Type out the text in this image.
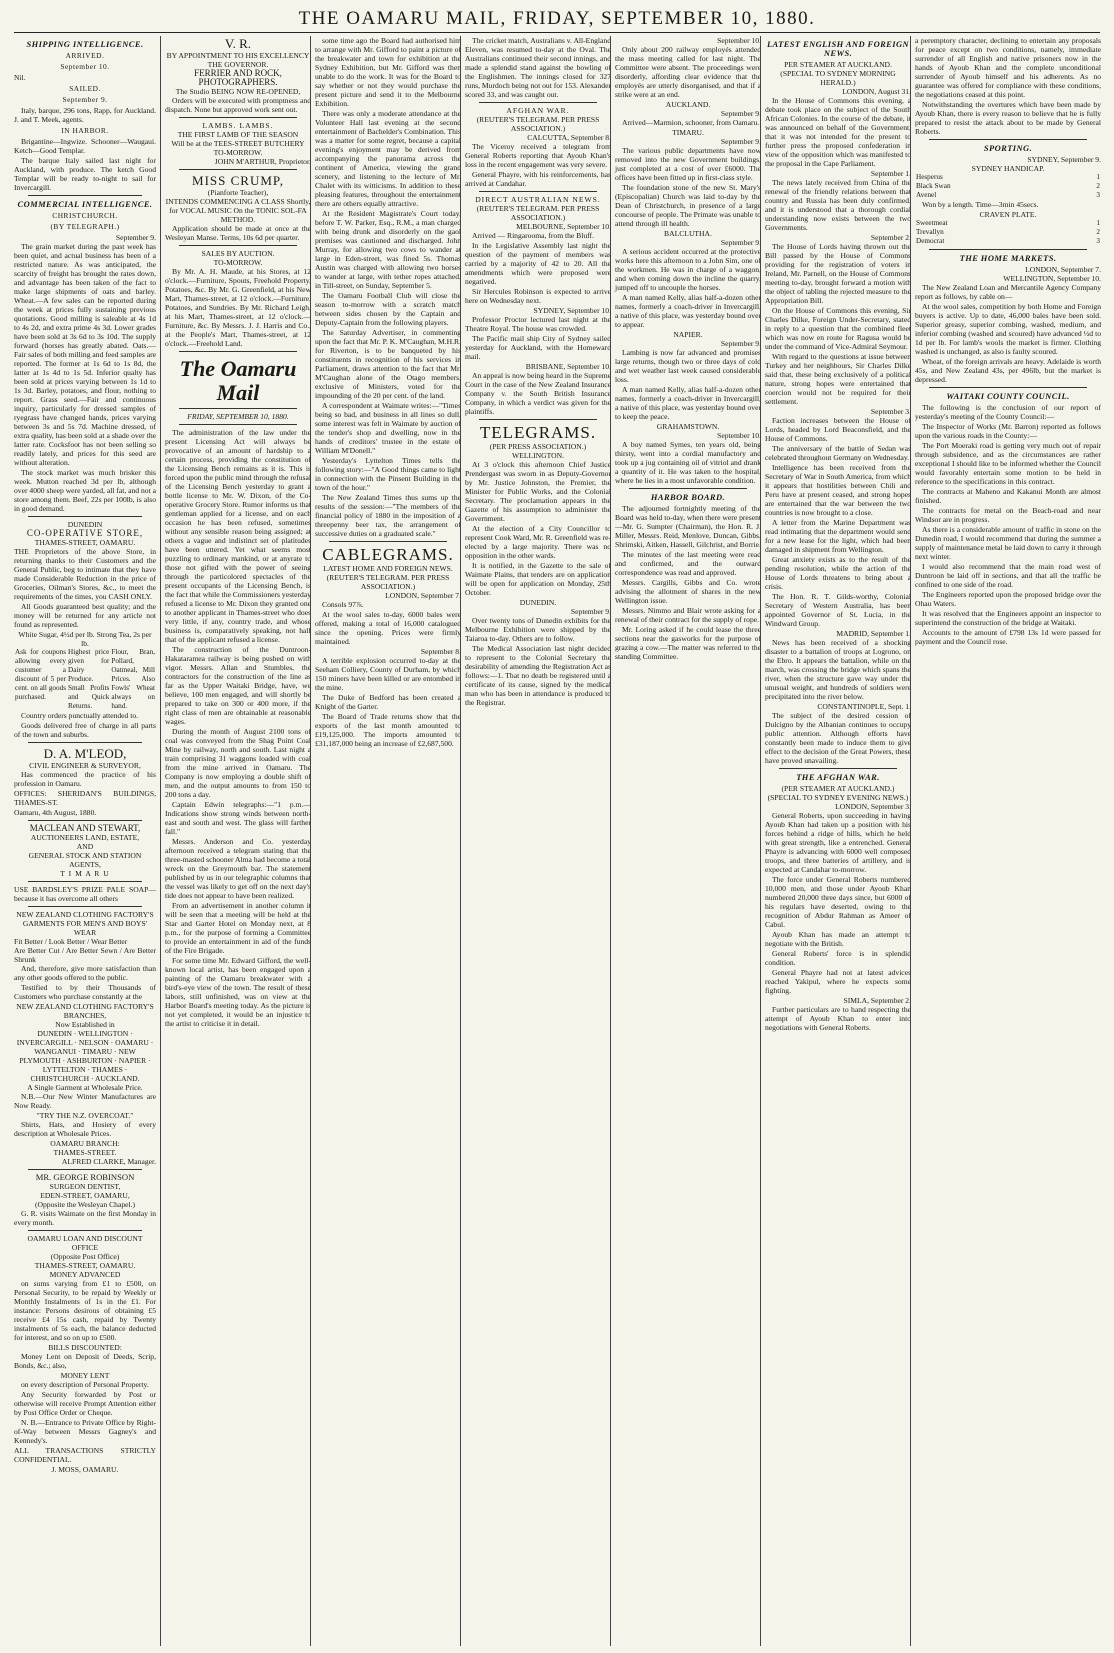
THE OAMARU MAIL, FRIDAY, SEPTEMBER 10, 1880.
SHIPPING INTELLIGENCE.
ARRIVED.
September 10.

Nil.

SAILED.
September 9.

Italy, barque, 296 tons, Rapp, for Auckland. J. and T. Meek, agents.

IN HARBOR.

Brigantine—Ingwize. Schooner—Waugaui. Ketch—Good Templar.

The barque Italy sailed last night for Auckland, with produce. The ketch Good Templar will be ready to-night to sail for Invercargill.

COMMERCIAL INTELLIGENCE.
CHRISTCHURCH.
(BY TELEGRAPH.)
September 9.

The grain market during the past week has been quiet, and actual business has been of a restricted nature. As was anticipated, the scarcity of freight has brought the rates down, and advantage has been taken of the fact to make large shipments of oats and barley. Wheat.—A few sales can be reported during the week at prices fully sustaining previous quotations. Good milling is saleable at 4s 1d to 4s 2d, and extra prime 4s 3d. Lower grades have been sold at 3s 6d to 3s 10d. The supply forward (horses has greatly abated. Oats.—Fair sales of both milling and feed samples are reported. The former at 1s 6d to 1s 8d, the latter at 1s 4d to 1s 5d. Inferior qualty has been sold at prices varying between 1s 1d to 1s 3d. Barley, potatoes, and flour, nothing to report. Grass seed.—Fair and continuous inquiry, particularly for dressed samples of ryegrass have changed hands, prices varying between 3s and 5s 7d. Machine dressed, of extra quality, has been sold at a shade over the latter rate. Cocksfoot has not been selling so readily lately, and prices for this seed are without alteration.

The stock market was much brisker this week. Mutton reached 3d per lb, although over 4000 sheep were yarded, all fat, and not a store among them. Beef, 22s per 100lb, is also in good demand.

DUNEDIN
CO-OPERATIVE STORE,
THAMES-STREET, OAMARU.

THE Proprietors of the above Store, in returning thanks to their Customers and the General Public, beg to intimate that they have made Considerable Reduction in the price of Groceries, Oilman's Stores, &c., to meet the requirements of the times, you CASH ONLY.

All Goods guaranteed best quality; and the money will be returned for any article not found as represented.

White Sugar, 4½d per lb. Strong Tea, 2s per lb.
Ask for coupons allowing every customer a discount of 5 per cent. on all goods purchased.	Highest price given for Dairy Produce. Small Profits and Quick Returns.	Flour, Bran, Pollard, Oatmeal, Mill Prices. Also Fowls' Wheat always on hand.

Country orders punctually attended to.

Goods delivered free of charge in all parts of the town and suburbs.

D. A. M'LEOD,
CIVIL ENGINEER & SURVEYOR,

Has commenced the practice of his profession in Oamaru.

OFFICES: SHERIDAN'S BUILDINGS, THAMES-ST.

Oamaru, 4th August, 1880.

MACLEAN AND STEWART,
AUCTIONEERS LAND, ESTATE,
AND
GENERAL STOCK AND STATION
AGENTS,
T I M A R U

USE BARDSLEY'S PRIZE PALE SOAP—because it has overcome all others

NEW ZEALAND CLOTHING FACTORY'S GARMENTS FOR MEN'S AND BOYS' WEAR
Fit Better / Look Better / Wear Better
Are Better Cut / Are Better Sewn / Are Better Shrunk

And, therefore, give more satisfaction than any other goods offered to the public.

Testified to by their Thousands of Customers who purchase constantly at the

NEW ZEALAND CLOTHING FACTORY'S BRANCHES,
Now Established in
DUNEDIN · WELLINGTON · INVERCARGILL · NELSON · OAMARU · WANGANUI · TIMARU · NEW PLYMOUTH · ASHBURTON · NAPIER · LYTTELTON · THAMES · CHRISTCHURCH · AUCKLAND.
A Single Garment at Wholesale Price.

N.B.—Our New Winter Manufactures are Now Ready.

"TRY THE N.Z. OVERCOAT."

Shirts, Hats, and Hosiery of every description at Wholesale Prices.

OAMARU BRANCH:
THAMES-STREET.
ALFRED CLARKE, Manager.
MR. GEORGE ROBINSON
SURGEON DENTIST,
EDEN-STREET, OAMARU,
(Opposite the Wesleyan Chapel.)

G. R. visits Waimate on the first Monday in every month.

OAMARU LOAN AND DISCOUNT OFFICE
(Opposite Post Office)
THAMES-STREET, OAMARU.
MONEY ADVANCED

on sums varying from £1 to £500, on Personal Security, to be repaid by Weekly or Monthly Instalments of 1s in the £1. For instance: Persons desirous of obtaining £5 receive £4 15s cash, repaid by Twenty instalments of 5s each, the balance deducted for interest, and so on up to £500.

BILLS DISCOUNTED:

Money Lent on Deposit of Deeds, Scrip, Bonds, &c.; also,

MONEY LENT

on every description of Personal Property.

Any Security forwarded by Post or otherwise will receive Prompt Attention either by Post Office Order or Cheque.

N. B.—Entrance to Private Office by Right-of-Way between Messrs Gagney's and Kennedy's.

ALL TRANSACTIONS STRICTLY CONFIDENTIAL.

J. MOSS, OAMARU.
V. R.
BY APPOINTMENT TO HIS EXCELLENCY THE GOVERNOR.
FERRIER AND ROCK, PHOTOGRAPHERS.
The Studio BEING NOW RE-OPENED,

Orders will be executed with promptness and dispatch. None but approved work sent out.

LAMBS. LAMBS.
THE FIRST LAMB OF THE SEASON
Will be at the TEES-STREET BUTCHERY TO-MORROW.
JOHN M'ARTHUR, Proprietor.
MISS CRUMP,
(Pianforte Teacher),
INTENDS COMMENCING A CLASS Shortly, for VOCAL MUSIC On the TONIC SOL-FA METHOD.

Application should be made at once at the Wesleyan Manse. Terms, 10s 6d per quarter.

SALES BY AUCTION.
TO-MORROW.

By Mr. A. H. Maude, at his Stores, at 12 o'clock.—Furniture, Spouts, Freehold Property, Potatoes, &c. By Mr. G. Greenfield, at his New Mart, Thames-street, at 12 o'clock.—Furniture, Potatoes, and Sundries. By Mr. Richard Leigh, at his Mart, Thames-street, at 12 o'clock.—Furniture, &c. By Messrs. J. J. Harris and Co., at the People's Mart, Thames-street, at 12 o'clock.—Freehold Land.

The Oamaru Mail
FRIDAY, SEPTEMBER 10, 1880.

The administration of the law under the present Licensing Act will always be provocative of an amount of hardship to a certain process, providing the constitution of the Licensing Bench remains as it is. This is forced upon the public mind through the refusal of the Licensing Bench yesterday to grant a bottle license to Mr. W. Dixon, of the Co-operative Grocery Store. Rumor informs us that gentleman applied for a license, and on each occasion he has been refused, sometimes without any sensible reason being assigned; at others a vague and indistinct set of platitudes have been uttered. Yet what seems most puzzling to ordinary mankind, or at anyrate to those not gifted with the power of seeing through the particolored spectacles of the present occupants of the Licensing Bench, is the fact that while the Commissioners yesterday refused a license to Mr. Dixon they granted one to another applicant in Thames-street who does very little, if any, country trade, and whose business is, comparatively speaking, not half that of the applicant refused a license.

The construction of the Duntroon-Hakataramea railway is being pushed on with vigor. Messrs. Allan and Stumbles, the contractors for the construction of the line as far as the Upper Waitaki Bridge, have, we believe, 100 men engaged, and will shortly be prepared to take on 300 or 400 more, if the right class of men are obtainable at reasonable wages.

During the month of August 2100 tons of coal was conveyed from the Shag Point Coal Mine by railway, north and south. Last night a train comprising 31 waggons loaded with coal from the mine arrived in Oamaru. The Company is now employing a double shift of men, and the output amounts to from 150 to 200 tons a day.

Captain Edwin telegraphs:—"1 p.m.—Indications show strong winds between north-east and south and west. The glass will farther fall."

Messrs. Anderson and Co. yesterday afternoon received a telegram stating that the three-masted schooner Alma had become a total wreck on the Greymouth bar. The statement published by us in our telegraphic columns that the vessel was likely to get off on the next day's tide does not appear to have been realized.

From an advertisement in another column it will be seen that a meeting will be held at the Star and Garter Hotel on Monday next, at 8 p.m., for the purpose of forming a Committee to provide an entertainment in aid of the funds of the Fire Brigade.

For some time Mr. Edward Gifford, the well-known local artist, has been engaged upon a painting of the Oamaru breakwater with a bird's-eye view of the town. The result of these labors, still unfinished, was on view at the Harbor Board's meeting today. As the picture is not yet completed, it would be an injustice to the artist to criticise it in detail.

some time ago the Board had authorised him to arrange with Mr. Gifford to paint a picture of the breakwater and town for exhibition at the Sydney Exhibition, but Mr. Gifford was then unable to do the work. It was for the Board to say whether or not they would purchase the present picture and send it to the Melbourne Exhibition.

There was only a moderate attendance at the Volunteer Hall last evening at the second entertainment of Bachelder's Combination. This was a matter for some regret, because a capital evening's enjoyment may be derived from accompanying the panorama across the continent of America, viewing the grand scenery, and listening to the lecture of Mr. Chalet with its witticisms. In addition to these pleasing features, throughout the entertainment there are others equally attractive.

At the Resident Magistrate's Court today, before T. W. Parker, Esq., R.M., a man charged with being drunk and disorderly on the gaol premises was cautioned and discharged. John Murray, for allowing two cows to wander at large in Eden-street, was fined 5s. Thomas Austin was charged with allowing two horses to wander at large, with tether ropes attached, in Till-street, on Sunday, September 5.

The Oamaru Football Club will close the season to-morrow with a scratch match between sides chosen by the Captain and Deputy-Captain from the following players.

The Saturday Advertiser, in commenting upon the fact that Mr. P. K. M'Caughan, M.H.R. for Riverton, is to be banqueted by his constituents in recognition of his services in Parliament, draws attention to the fact that Mr. M'Caughan alone of the Otago members, exclusive of Ministers, voted for the impounding of the 20 per cent. of the land.

A correspondent at Waimate writes:—"Times being so bad, and business in all lines so dull, some interest was felt in Waimate by auction of the tender's shop and dwelling, now in the hands of creditors' trustee in the estate of William M'Donell."

Yesterday's Lyttelton Times tells the following story:—"A Good things came to light in connection with the Pinsent Building in the town of the hour."

The New Zealand Times thus sums up the results of the session:—"The members of the financial policy of 1880 in the imposition of a threepenny beer tax, the arrangement of successive duties on a graduated scale."

CABLEGRAMS.
LATEST HOME AND FOREIGN NEWS.
(REUTER'S TELEGRAM. PER PRESS ASSOCIATION.)
LONDON, September 7.

Consols 97⅞.

At the wool sales to-day, 6000 bales were offered, making a total of 16,000 catalogued since the opening. Prices were firmly maintained.

September 8.

A terrible explosion occurred to-day at the Seeham Colliery, County of Durham, by which 150 miners have been killed or are entombed in the mine.

The Duke of Bedford has been created a Knight of the Garter.

The Board of Trade returns show that the exports of the last month amounted to £19,125,000. The imports amounted to £31,187,000 being an increase of £2,687,500.

The cricket match, Australians v. All-England Eleven, was resumed to-day at the Oval. The Australians continued their second innings, and made a splendid stand against the bowling of the Englishmen. The innings closed for 327 runs, Murdoch being not out for 153. Alexander scored 33, and was caught out.

AFGHAN WAR.
(REUTER'S TELEGRAM. PER PRESS ASSOCIATION.)
CALCUTTA, September 8.

The Viceroy received a telegram from General Roberts reporting that Ayoub Khan's loss in the recent engagement was very severe.

General Phayre, with his reinforcements, has arrived at Candahar.

DIRECT AUSTRALIAN NEWS.
(REUTER'S TELEGRAM. PER PRESS ASSOCIATION.)
MELBOURNE, September 10.

Arrived — Ringarooma, from the Bluff.

In the Legislative Assembly last night the question of the payment of members was carried by a majority of 42 to 20. All the amendments which were proposed were negatived.

Sir Hercules Robinson is expected to arrive here on Wednesday next.

SYDNEY, September 10.

Professor Proctor lectured last night at the Theatre Royal. The house was crowded.

The Pacific mail ship City of Sydney sailed yesterday for Auckland, with the Homeward mail.

BRISBANE, September 10.

An appeal is now being heard in the Supreme Court in the case of the New Zealand Insurance Company v. the South British Insurance Company, in which a verdict was given for the plaintiffs.

TELEGRAMS.
(PER PRESS ASSOCIATION.)
WELLINGTON.

At 3 o'clock this afternoon Chief Justice Prendergast was sworn in as Deputy-Governor by Mr. Justice Johnston, the Premier, the Minister for Public Works, and the Colonial Secretary. The proclamation appears in the Gazette of his assumption to administer the Government.

At the election of a City Councillor to represent Cook Ward, Mr. R. Greenfield was re-elected by a large majority. There was no opposition in the other wards.

It is notified, in the Gazette to the sale of Waimate Plains, that tenders are on application will be open for application on Monday, 25th October.

DUNEDIN.
September 9.

Over twenty tons of Dunedin exhibits for the Melbourne Exhibition were shipped by the Taiaroa to-day. Others are to follow.

The Medical Association last night decided to represent to the Colonial Secretary the desirability of amending the Registration Act as follows:—1. That no death be registered until a certificate of its cause, signed by the medical man who has been in attendance is produced to the Registrar.

September 10.

Only about 200 railway employés attended the mass meeting called for last night. The Committee were absent. The proceedings were disorderly, affording clear evidence that the employés are utterly disorganised, and that if a strike were at an end.

AUCKLAND.
September 9.

Arrived—Marmion, schooner, from Oamaru.

TIMARU.
September 9.

The various public departments have now removed into the new Government buildings, just completed at a cost of over £6000. The offices have been fitted up in first-class style.

The foundation stone of the new St. Mary's (Episcopalian) Church was laid to-day by the Dean of Christchurch, in presence of a large concourse of people. The Primate was unable to attend through ill health.

BALCLUTHA.
September 9.

A serious accident occurred at the protective works here this afternoon to a John Sim, one of the workmen. He was in charge of a waggon, and when coming down the incline the quarry, jumped off to uncouple the horses.

A man named Kelly, alias half-a-dozen other names, formerly a coach-driver in Invercargill, a native of this place, was yesterday bound over to appear.

NAPIER.
September 9.

Lambing is now far advanced and promises large returns, though two or three days of cold and wet weather last week caused considerable loss.

A man named Kelly, alias half-a-dozen other names, formerly a coach-driver in Invercargill, a native of this place, was yesterday bound over to keep the peace.

GRAHAMSTOWN.
September 10.

A boy named Symes, ten years old, being thirsty, went into a cordial manufactory and took up a jug containing oil of vitriol and drank a quantity of it. He was taken to the hospital, where he lies in a most unfavorable condition.

HARBOR BOARD.

The adjourned fortnightly meeting of the Board was held to-day, when there were present—Mr. G. Sumpter (Chairman), the Hon. R. J. Miller, Messrs. Reid, Menlove, Duncan, Gibbs, Shrimski, Aitken, Hassell, Gilchrist, and Borrie.

The minutes of the last meeting were read and confirmed, and the outward correspondence was read and approved.

Messrs. Cargills, Gibbs and Co. wrote advising the allotment of shares in the new Wellington issue.

Messrs. Nimmo and Blair wrote asking for a renewal of their contract for the supply of rope.

Mr. Loring asked if he could lease the three sections near the gasworks for the purpose of grazing a cow.—The matter was referred to the standing Committee.

LATEST ENGLISH AND FOREIGN NEWS.
PER STEAMER AT AUCKLAND.
(SPECIAL TO SYDNEY MORNING HERALD.)
LONDON, August 31.

In the House of Commons this evening, a debate took place on the subject of the South African Colonies. In the course of the debate, it was announced on behalf of the Government, that it was not intended for the present to further press the proposed confederation in view of the opposition which was manifested to the proposal in the Cape Parliament.

September 1.

The news lately received from China of the renewal of the friendly relations between that country and Russia has been duly confirmed, and it is understood that a thorough cordial understanding now exists between the two Governments.

September 2.

The House of Lords having thrown out the Bill passed by the House of Commons providing for the registration of voters in Ireland, Mr. Parnell, on the House of Commons meeting to-day, brought forward a motion with the object of tabling the rejected measure to the Appropriation Bill.

On the House of Commons this evening, Sir Charles Dilke, Foreign Under-Secretary, stated in reply to a question that the combined fleet which was now en route for Ragusa would be under the command of Vice-Admiral Seymour.

With regard to the questions at issue between Turkey and her neighbours, Sir Charles Dilke said that, these being exclusively of a political nature, strong hopes were entertained that coercion would not be required for their settlement.

September 3.

Faction increases between the House of Lords, headed by Lord Beaconsfield, and the House of Commons.

The anniversary of the battle of Sedan was celebrated throughout Germany on Wednesday.

Intelligence has been received from the Secretary of War in South America, from which it appears that hostilities between Chili and Peru have at present ceased, and strong hopes are entertained that the war between the two countries is now brought to a close.

A letter from the Marine Department was read intimating that the department would send for a new lease for the light, which had been damaged in shipment from Wellington.

Great anxiety exists as to the result of the pending resolution, while the action of the House of Lords threatens to bring about a crisis.

The Hon. R. T. Gilds-worthy, Colonial Secretary of Western Australia, has been appointed Governor of St. Lucia, in the Windward Group.

MADRID, September 1.

News has been received of a shocking disaster to a battalion of troops at Logrono, on the Ebro. It appears the battalion, while on the march, was crossing the bridge which spans the river, when the structure gave way under the unusual weight, and hundreds of soldiers were precipitated into the river below.

CONSTANTINOPLE, Sept. 1.

The subject of the desired cession of Dulcigno by the Albanian continues to occupy public attention. Although efforts have constantly been made to induce them to give effect to the decision of the Great Powers, these have proved unavailing.

THE AFGHAN WAR.
(PER STEAMER AT AUCKLAND.)
(SPECIAL TO SYDNEY EVENING NEWS.)
LONDON, September 3.

General Roberts, upon succeeding in having Ayoub Khan had taken up a position with his forces behind a ridge of hills, which he held with great strength, like a entrenched. General Phayre is advancing with 6000 well composed troops, and three batteries of artillery, and is expected at Candahar to-morrow.

The force under General Roberts numbered 10,000 men, and those under Ayoub Khan numbered 20,000 three days since, but 6000 of his regulars have deserted, owing to the recognition of Abdur Rahman as Ameer of Cabul.

Ayoub Khan has made an attempt to negotiate with the British.

General Roberts' force is in splendid condition.

General Phayre had not at latest advices reached Yakipul, where he expects some fighting.

SIMLA, September 2.

Further particulars are to hand respecting the attempt of Ayoub Khan to enter into negotiations with General Roberts.

a peremptory character, declining to entertain any proposals for peace except on two conditions, namely, immediate surrender of all English and native prisoners now in the hands of Ayoub Khan and the complete unconditional surrender of Ayoub himself and his adherents. As no guarantee was offered for compliance with these conditions, the negotiations ceased at this point.

Notwithstanding the overtures which have been made by Ayoub Khan, there is every reason to believe that he is fully prepared to resist the attack about to be made by General Roberts.

SPORTING.
SYDNEY, September 9.
SYDNEY HANDICAP.
Hesperus	1
Black Swan	2
Avenel	3

Won by a length. Time—3min 45secs.

CRAVEN PLATE.
Sweetmeat	1
Trevallyn	2
Democrat	3
THE HOME MARKETS.
LONDON, September 7.
WELLINGTON, September 10.

The New Zealand Loan and Mercantile Agency Company report as follows, by cable on—

At the wool sales, competition by both Home and Foreign buyers is active. Up to date, 46,000 bales have been sold. Superior greasy, superior combing, washed, medium, and inferior combing (washed and scoured) have advanced ½d to 1d per lb. For lamb's wools the market is firmer. Clothing washed is unchanged, as also is faulty scoured.

Wheat, of the foreign arrivals are heavy. Adelaide is worth 45s, and New Zealand 43s, per 496lb, but the market is depressed.

WAITAKI COUNTY COUNCIL.

The following is the conclusion of our report of yesterday's meeting of the County Council:—

The Inspector of Works (Mr. Barron) reported as follows upon the various roads in the County:—

The Port Moeraki road is getting very much out of repair through subsidence, and as the circumstances are rather exceptional I should like to be informed whether the Council would favorably entertain some motion to be held in reference to the specifications in this contract.

The contracts at Maheno and Kakanui Month are almost finished.

The contracts for metal on the Beach-road and near Windsor are in progress.

As there is a considerable amount of traffic in stone on the Dunedin road, I would recommend that during the summer a supply of maintenance metal be laid down to carry it through next winter.

I would also recommend that the main road west of Duntroon be laid off in sections, and that all the traffic be confined to one side of the road.

The Engineers reported upon the proposed bridge over the Ohau Waters.

It was resolved that the Engineers appoint an inspector to superintend the construction of the bridge at Waitaki.

Accounts to the amount of £798 13s 1d were passed for payment and the Council rose.
